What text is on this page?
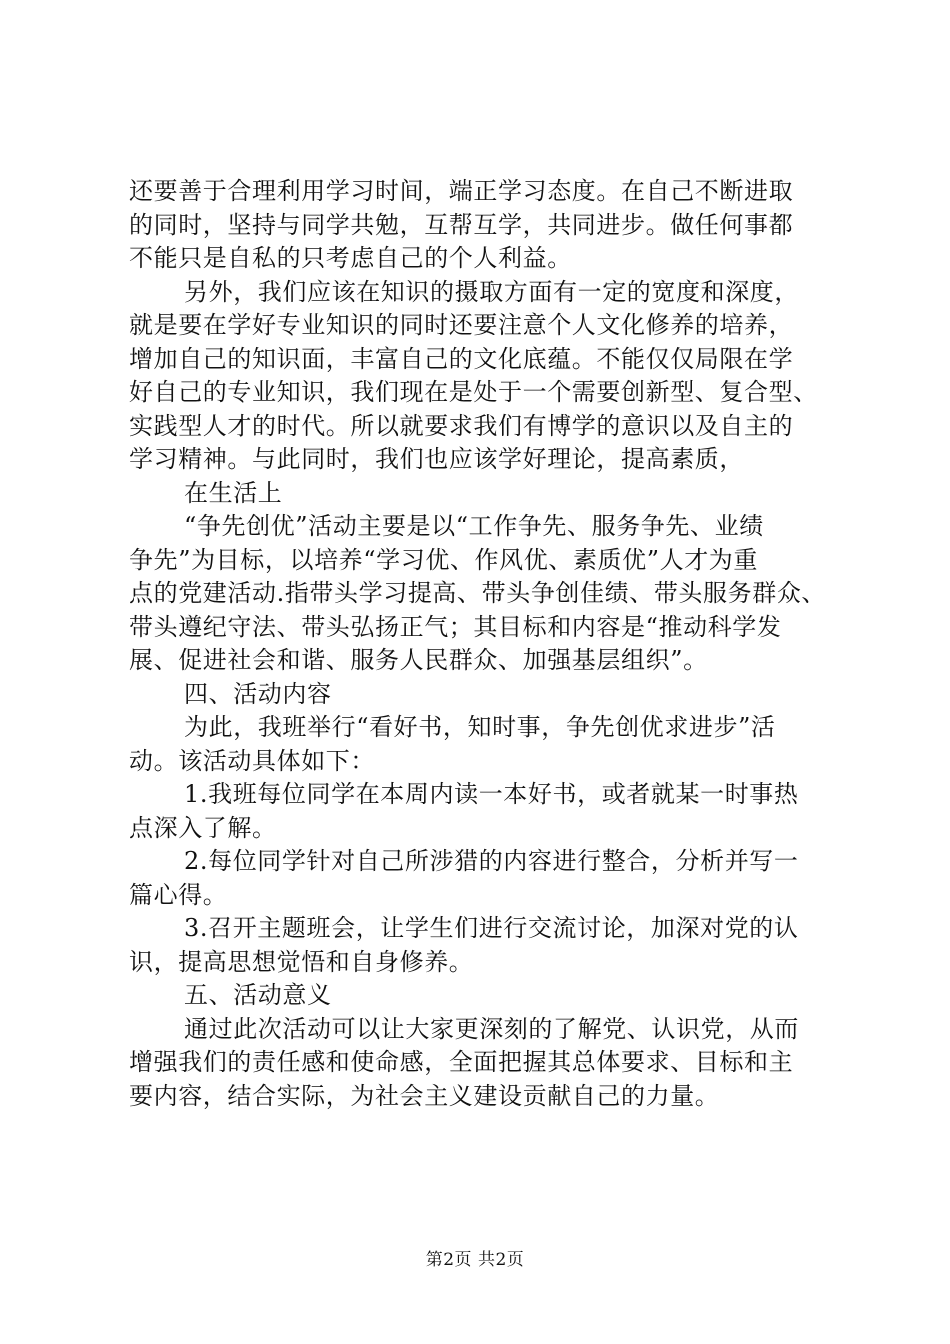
还要善于合理利用学习时间，端正学习态度。在自己不断进取
的同时，坚持与同学共勉，互帮互学，共同进步。做任何事都
不能只是自私的只考虑自己的个人利益。
另外，我们应该在知识的摄取方面有一定的宽度和深度，
就是要在学好专业知识的同时还要注意个人文化修养的培养，
增加自己的知识面，丰富自己的文化底蕴。不能仅仅局限在学
好自己的专业知识，我们现在是处于一个需要创新型、复合型、
实践型人才的时代。所以就要求我们有博学的意识以及自主的
学习精神。与此同时，我们也应该学好理论，提高素质，
在生活上
“争先创优”活动主要是以“工作争先、服务争先、业绩
争先”为目标，以培养“学习优、作风优、素质优”人才为重
点的党建活动.指带头学习提高、带头争创佳绩、带头服务群众、
带头遵纪守法、带头弘扬正气；其目标和内容是“推动科学发
展、促进社会和谐、服务人民群众、加强基层组织”。
四、活动内容
为此，我班举行“看好书，知时事，争先创优求进步”活
动。该活动具体如下：
1.我班每位同学在本周内读一本好书，或者就某一时事热
点深入了解。
2.每位同学针对自己所涉猎的内容进行整合，分析并写一
篇心得。
3.召开主题班会，让学生们进行交流讨论，加深对党的认
识，提高思想觉悟和自身修养。
五、活动意义
通过此次活动可以让大家更深刻的了解党、认识党，从而
增强我们的责任感和使命感，全面把握其总体要求、目标和主
要内容，结合实际，为社会主义建设贡献自己的力量。
第2页 共2页
